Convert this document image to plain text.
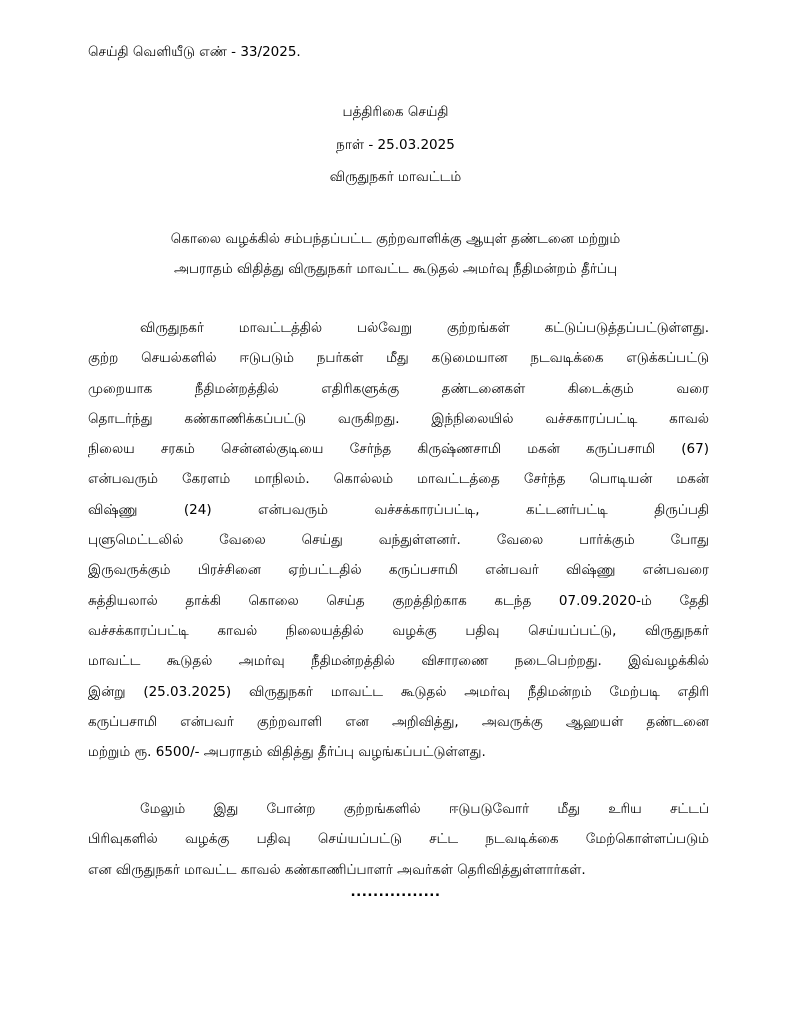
செய்தி வெளியீடு எண் - 33/2025.
பத்திரிகை செய்தி
நாள் - 25.03.2025
விருதுநகர் மாவட்டம்
கொலை வழக்கில் சம்பந்தப்பட்ட குற்றவாளிக்கு ஆயுள் தண்டனை மற்றும்
அபராதம் விதித்து விருதுநகர் மாவட்ட கூடுதல் அமர்வு நீதிமன்றம் தீர்ப்பு
விருதுநகர் மாவட்டத்தில் பல்வேறு குற்றங்கள் கட்டுப்படுத்தப்பட்டுள்ளது.
குற்ற செயல்களில் ஈடுபடும் நபர்கள் மீது கடுமையான நடவடிக்கை எடுக்கப்பட்டு
முறையாக நீதிமன்றத்தில் எதிரிகளுக்கு தண்டனைகள் கிடைக்கும் வரை
தொடர்ந்து கண்காணிக்கப்பட்டு வருகிறது. இந்நிலையில் வச்சகாரப்பட்டி காவல்
நிலைய சரகம் சென்னல்குடியை சேர்ந்த கிருஷ்ணசாமி மகன் கருப்பசாமி (67)
என்பவரும் கேரளம் மாநிலம். கொல்லம் மாவட்டத்தை சேர்ந்த பொடியன் மகன்
விஷ்ணு (24) என்பவரும் வச்சக்காரப்பட்டி, கட்டனர்பட்டி திருப்பதி
புளுமெட்டலில் வேலை செய்து வந்துள்ளனர். வேலை பார்க்கும் போது
இருவருக்கும் பிரச்சினை ஏற்பட்டதில் கருப்பசாமி என்பவர் விஷ்ணு என்பவரை
சுத்தியலால் தாக்கி கொலை செய்த குறத்திற்காக கடந்த 07.09.2020-ம் தேதி
வச்சக்காரப்பட்டி காவல் நிலையத்தில் வழக்கு பதிவு செய்யப்பட்டு, விருதுநகர்
மாவட்ட கூடுதல் அமர்வு நீதிமன்றத்தில் விசாரணை நடைபெற்றது. இவ்வழக்கில்
இன்று (25.03.2025) விருதுநகர் மாவட்ட கூடுதல் அமர்வு நீதிமன்றம் மேற்படி எதிரி
கருப்பசாமி என்பவர் குற்றவாளி என அறிவித்து, அவருக்கு ஆஹயள் தண்டனை
மற்றும் ரூ. 6500/- அபராதம் விதித்து தீர்ப்பு வழங்கப்பட்டுள்ளது.
மேலும் இது போன்ற குற்றங்களில் ஈடுபடுவோர் மீது உரிய சட்டப்
பிரிவுகளில் வழக்கு பதிவு செய்யப்பட்டு சட்ட நடவடிக்கை மேற்கொள்ளப்படும்
என விருதுநகர் மாவட்ட காவல் கண்காணிப்பாளர் அவர்கள் தெரிவித்துள்ளார்கள்.
................
